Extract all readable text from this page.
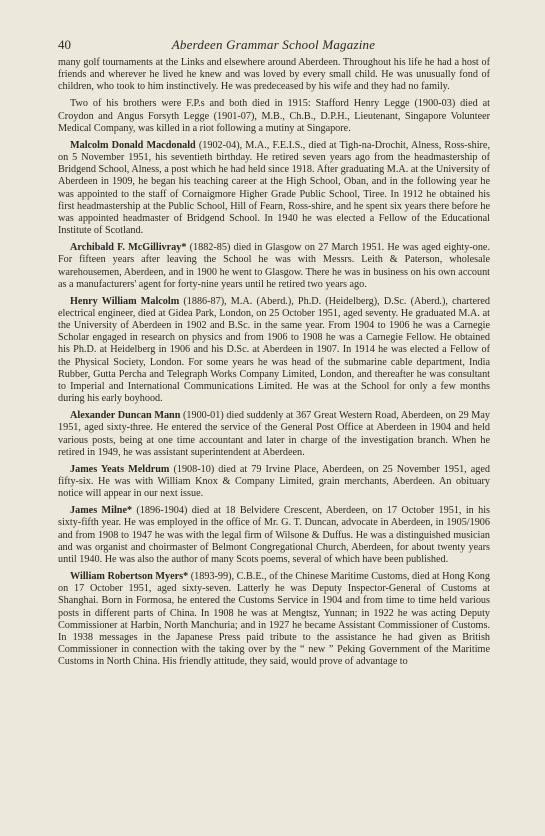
40	Aberdeen Grammar School Magazine

many golf tournaments at the Links and elsewhere around Aberdeen. Throughout his life he had a host of friends and wherever he lived he knew and was loved by every small child. He was unusually fond of children, who took to him instinctively. He was predeceased by his wife and they had no family.

Two of his brothers were F.P.s and both died in 1915: Stafford Henry Legge (1900-03) died at Croydon and Angus Forsyth Legge (1901-07), M.B., Ch.B., D.P.H., Lieutenant, Singapore Volunteer Medical Company, was killed in a riot following a mutiny at Singapore.

Malcolm Donald Macdonald (1902-04), M.A., F.E.I.S., died at Tigh-na-Drochit, Alness, Ross-shire, on 5 November 1951, his seventieth birthday. He retired seven years ago from the headmastership of Bridgend School, Alness, a post which he had held since 1918. After graduating M.A. at the University of Aberdeen in 1909, he began his teaching career at the High School, Oban, and in the following year he was appointed to the staff of Cornaigmore Higher Grade Public School, Tiree. In 1912 he obtained his first headmastership at the Public School, Hill of Fearn, Ross-shire, and he spent six years there before he was appointed headmaster of Bridgend School. In 1940 he was elected a Fellow of the Educational Institute of Scotland.

Archibald F. McGillivray* (1882-85) died in Glasgow on 27 March 1951. He was aged eighty-one. For fifteen years after leaving the School he was with Messrs. Leith & Paterson, wholesale warehousemen, Aberdeen, and in 1900 he went to Glasgow. There he was in business on his own account as a manufacturers' agent for forty-nine years until he retired two years ago.

Henry William Malcolm (1886-87), M.A. (Aberd.), Ph.D. (Heidelberg), D.Sc. (Aberd.), chartered electrical engineer, died at Gidea Park, London, on 25 October 1951, aged seventy. He graduated M.A. at the University of Aberdeen in 1902 and B.Sc. in the same year. From 1904 to 1906 he was a Carnegie Scholar engaged in research on physics and from 1906 to 1908 he was a Carnegie Fellow. He obtained his Ph.D. at Heidelberg in 1906 and his D.Sc. at Aberdeen in 1907. In 1914 he was elected a Fellow of the Physical Society, London. For some years he was head of the submarine cable department, India Rubber, Gutta Percha and Telegraph Works Company Limited, London, and thereafter he was consultant to Imperial and International Communications Limited. He was at the School for only a few months during his early boyhood.

Alexander Duncan Mann (1900-01) died suddenly at 367 Great Western Road, Aberdeen, on 29 May 1951, aged sixty-three. He entered the service of the General Post Office at Aberdeen in 1904 and held various posts, being at one time accountant and later in charge of the investigation branch. When he retired in 1949, he was assistant superintendent at Aberdeen.

James Yeats Meldrum (1908-10) died at 79 Irvine Place, Aberdeen, on 25 November 1951, aged fifty-six. He was with William Knox & Company Limited, grain merchants, Aberdeen. An obituary notice will appear in our next issue.

James Milne* (1896-1904) died at 18 Belvidere Crescent, Aberdeen, on 17 October 1951, in his sixty-fifth year. He was employed in the office of Mr. G. T. Duncan, advocate in Aberdeen, in 1905/1906 and from 1908 to 1947 he was with the legal firm of Wilsone & Duffus. He was a distinguished musician and was organist and choirmaster of Belmont Congregational Church, Aberdeen, for about twenty years until 1940. He was also the author of many Scots poems, several of which have been published.

William Robertson Myers* (1893-99), C.B.E., of the Chinese Maritime Customs, died at Hong Kong on 17 October 1951, aged sixty-seven. Latterly he was Deputy Inspector-General of Customs at Shanghai. Born in Formosa, he entered the Customs Service in 1904 and from time to time held various posts in different parts of China. In 1908 he was at Mengtsz, Yunnan; in 1922 he was acting Deputy Commissioner at Harbin, North Manchuria; and in 1927 he became Assistant Commissioner of Customs. In 1938 messages in the Japanese Press paid tribute to the assistance he had given as British Commissioner in connection with the taking over by the “ new ” Peking Government of the Maritime Customs in North China. His friendly attitude, they said, would prove of advantage to
